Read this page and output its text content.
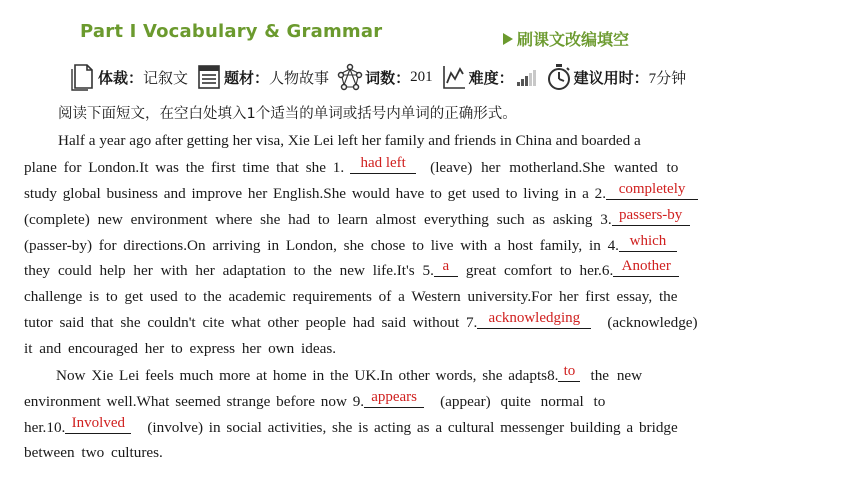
Part Ⅰ Vocabulary & Grammar	刷课文改编填空
体裁： 记叙文 题材： 人物故事 词数： 201 难度：	建议用时： 7分钟
阅读下面短文，在空白处填入1个适当的单词或括号内单词的正确形式。
Half a year ago after getting her visa, Xie Lei left her family and friends in China and boarded a
plane for London.It was the first time that she 1.	had left	(leave) her motherland.She wanted to
study global business and improve her English.She would have to get used to living in a 2. completely
(complete) new environment where she had to learn almost everything such as asking 3. passers-by
(passer-by) for directions.On arriving in London, she chose to live with a host family, in 4. which
they could help her with her adaptation to the new life.It's 5. a	great comfort to her.6. Another
challenge is to get used to the academic requirements of a Western university.For her first essay, the
tutor said that she couldn't cite what other people had said without 7. acknowledging	(acknowledge)
it and encouraged her to express her own ideas.
Now Xie Lei feels much more at home in the UK.In other words, she adapts8. to the new
environment well.What seemed strange before now 9. appears	(appear) quite normal to
her.10. Involved	(involve) in social activities, she is acting as a cultural messenger building a bridge
between two cultures.
